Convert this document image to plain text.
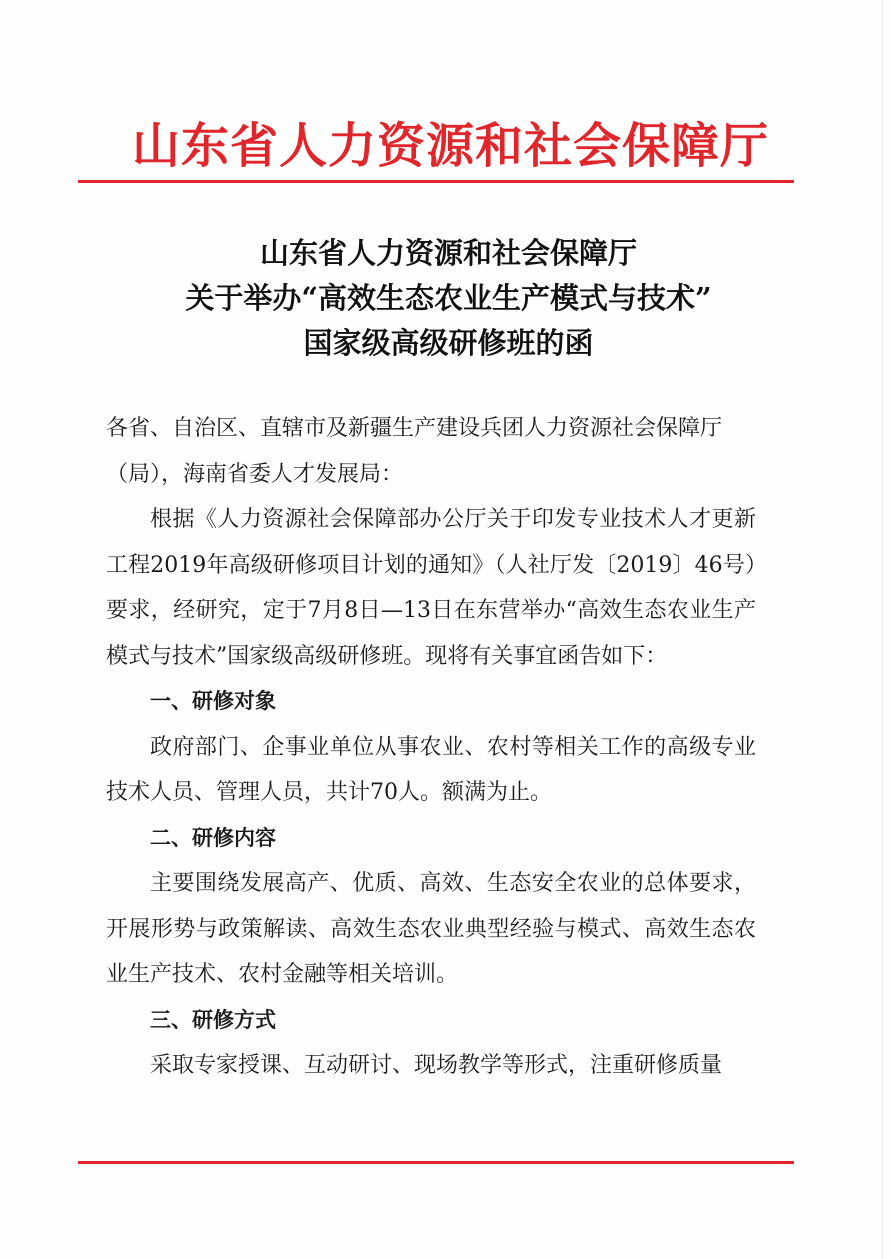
山东省人力资源和社会保障厅
山东省人力资源和社会保障厅
关于举办“高效生态农业生产模式与技术”
国家级高级研修班的函

各省、自治区、直辖市及新疆生产建设兵团人力资源社会保障厅
（局），海南省委人才发展局：

根据《人力资源社会保障部办公厅关于印发专业技术人才更新工程2019年高级研修项目计划的通知》（人社厅发〔2019〕46号）要求，经研究，定于7月8日—13日在东营举办“高效生态农业生产模式与技术”国家级高级研修班。现将有关事宜函告如下：

一、研修对象

政府部门、企事业单位从事农业、农村等相关工作的高级专业技术人员、管理人员，共计70人。额满为止。

二、研修内容

主要围绕发展高产、优质、高效、生态安全农业的总体要求，开展形势与政策解读、高效生态农业典型经验与模式、高效生态农业生产技术、农村金融等相关培训。

三、研修方式

采取专家授课、互动研讨、现场教学等形式，注重研修质量
